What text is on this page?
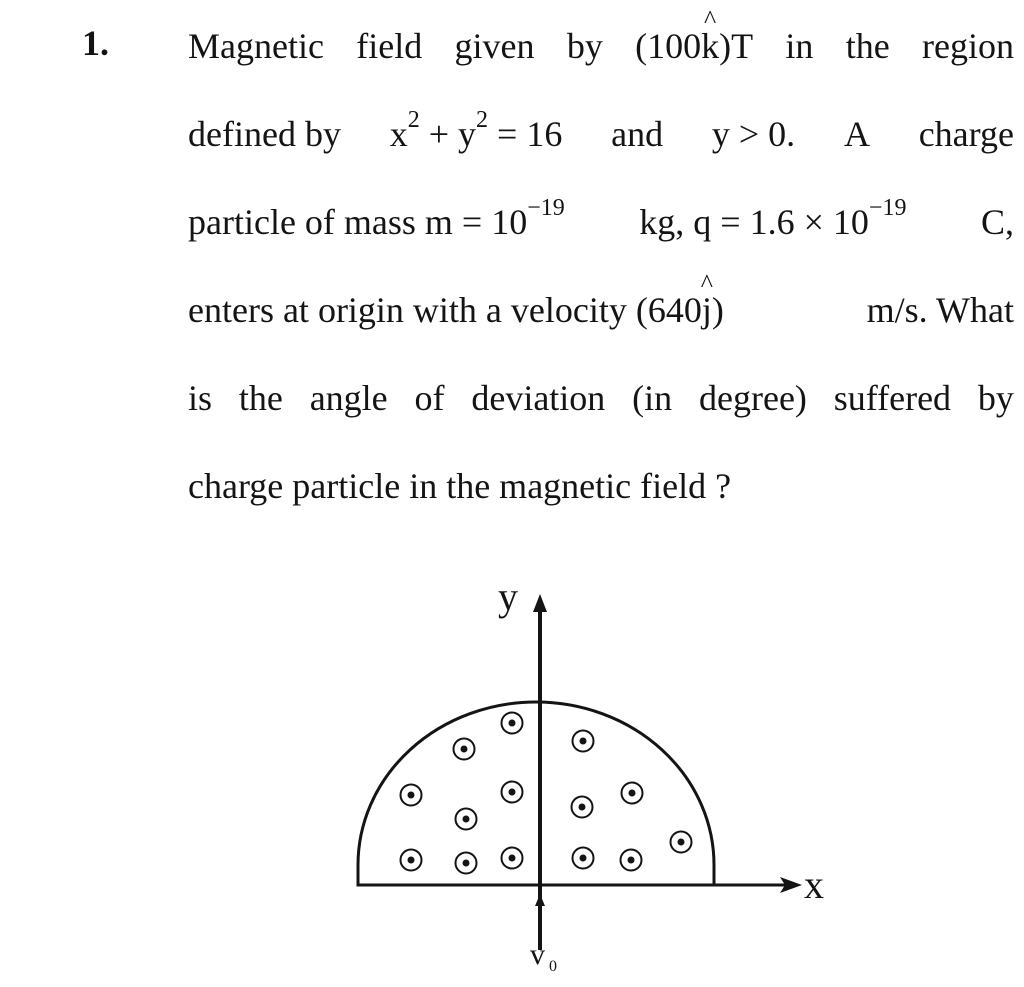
1. Magnetic field given by (100^ k)T in the region
defined by $x^2 + y^2 = 16$ and y > 0. A charge
particle of mass $m = 10^{-19}$ kg, $q = 1.6 \times 10^{-19}$ C,
enters at origin with a velocity (640^ j)	m/s. What
is the angle of deviation (in degree) suffered by
charge particle in the magnetic field ?
y
x
v 0
